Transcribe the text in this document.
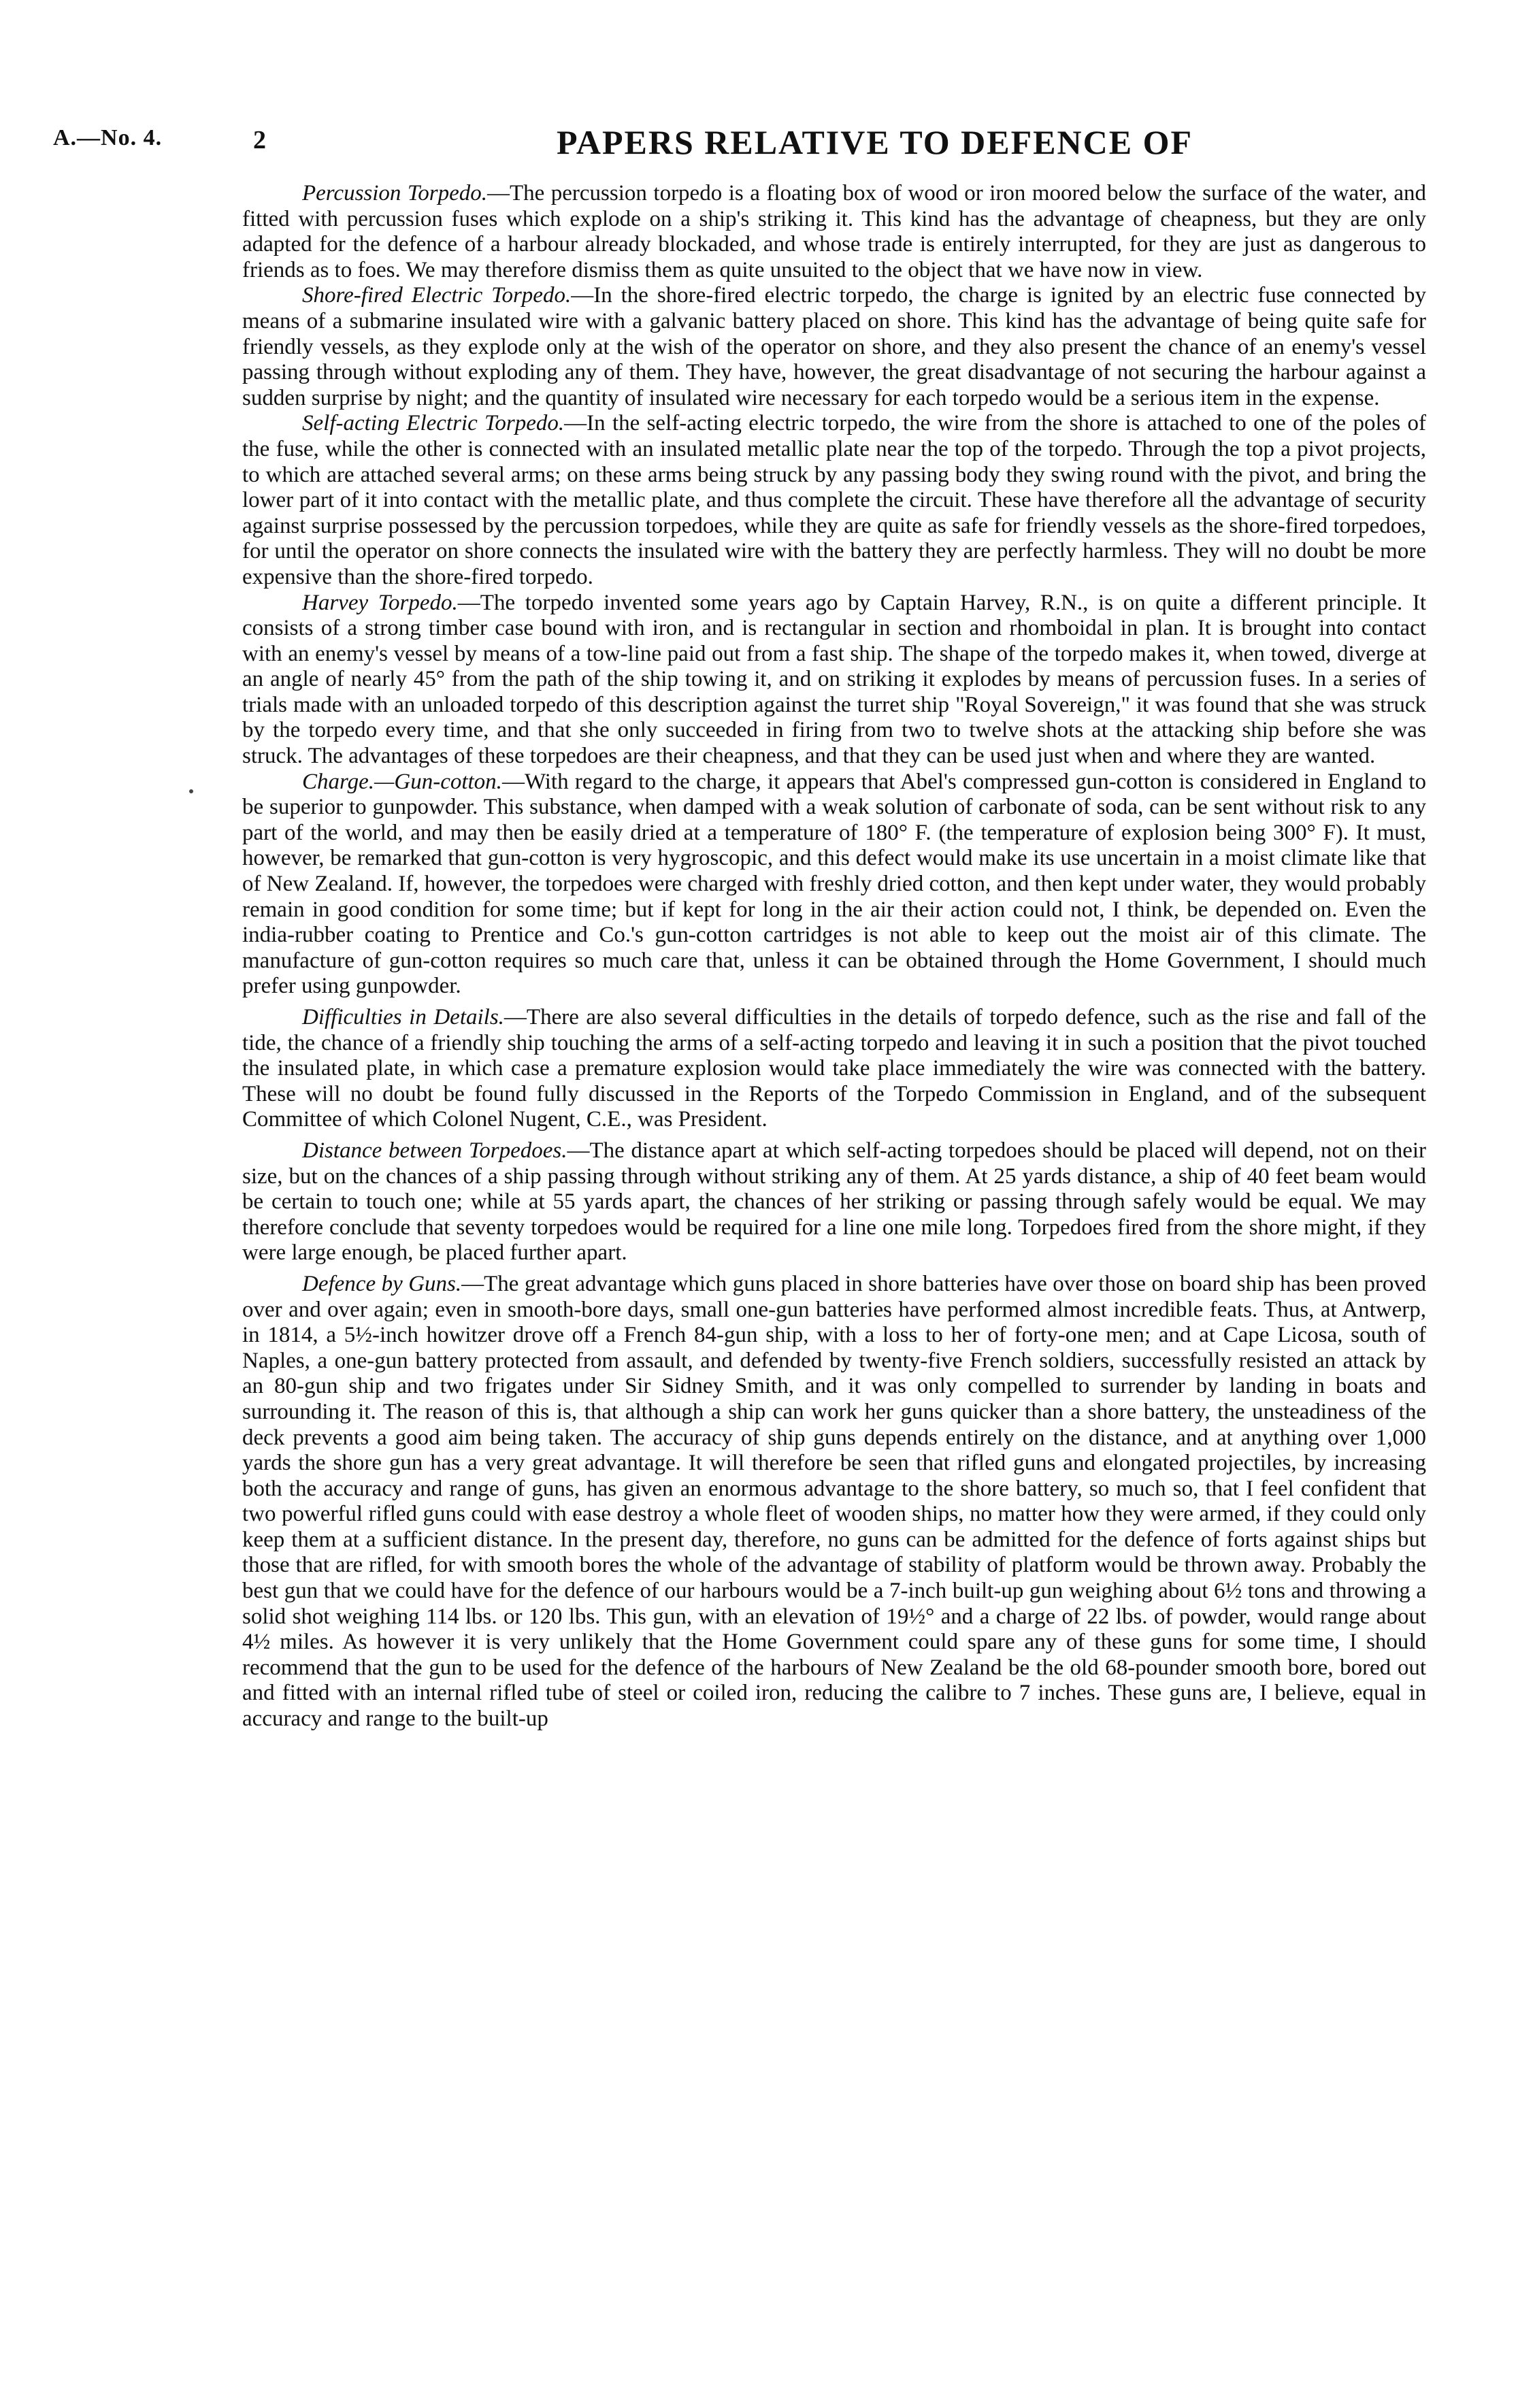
A.—No. 4.	2	PAPERS RELATIVE TO DEFENCE OF

Percussion Torpedo.—The percussion torpedo is a floating box of wood or iron moored below the surface of the water, and fitted with percussion fuses which explode on a ship's striking it. This kind has the advantage of cheapness, but they are only adapted for the defence of a harbour already blockaded, and whose trade is entirely interrupted, for they are just as dangerous to friends as to foes. We may therefore dismiss them as quite unsuited to the object that we have now in view.

Shore-fired Electric Torpedo.—In the shore-fired electric torpedo, the charge is ignited by an electric fuse connected by means of a submarine insulated wire with a galvanic battery placed on shore. This kind has the advantage of being quite safe for friendly vessels, as they explode only at the wish of the operator on shore, and they also present the chance of an enemy's vessel passing through without exploding any of them. They have, however, the great disadvantage of not securing the harbour against a sudden surprise by night; and the quantity of insulated wire necessary for each torpedo would be a serious item in the expense.

Self-acting Electric Torpedo.—In the self-acting electric torpedo, the wire from the shore is attached to one of the poles of the fuse, while the other is connected with an insulated metallic plate near the top of the torpedo. Through the top a pivot projects, to which are attached several arms; on these arms being struck by any passing body they swing round with the pivot, and bring the lower part of it into contact with the metallic plate, and thus complete the circuit. These have therefore all the advantage of security against surprise possessed by the percussion torpedoes, while they are quite as safe for friendly vessels as the shore-fired torpedoes, for until the operator on shore connects the insulated wire with the battery they are perfectly harmless. They will no doubt be more expensive than the shore-fired torpedo.

Harvey Torpedo.—The torpedo invented some years ago by Captain Harvey, R.N., is on quite a different principle. It consists of a strong timber case bound with iron, and is rectangular in section and rhomboidal in plan. It is brought into contact with an enemy's vessel by means of a tow-line paid out from a fast ship. The shape of the torpedo makes it, when towed, diverge at an angle of nearly 45° from the path of the ship towing it, and on striking it explodes by means of percussion fuses. In a series of trials made with an unloaded torpedo of this description against the turret ship "Royal Sovereign," it was found that she was struck by the torpedo every time, and that she only succeeded in firing from two to twelve shots at the attacking ship before she was struck. The advantages of these torpedoes are their cheapness, and that they can be used just when and where they are wanted.

Charge.—Gun-cotton.—With regard to the charge, it appears that Abel's compressed gun-cotton is considered in England to be superior to gunpowder. This substance, when damped with a weak solution of carbonate of soda, can be sent without risk to any part of the world, and may then be easily dried at a temperature of 180° F. (the temperature of explosion being 300° F). It must, however, be remarked that gun-cotton is very hygroscopic, and this defect would make its use uncertain in a moist climate like that of New Zealand. If, however, the torpedoes were charged with freshly dried cotton, and then kept under water, they would probably remain in good condition for some time; but if kept for long in the air their action could not, I think, be depended on. Even the india-rubber coating to Prentice and Co.'s gun-cotton cartridges is not able to keep out the moist air of this climate. The manufacture of gun-cotton requires so much care that, unless it can be obtained through the Home Government, I should much prefer using gunpowder.

Difficulties in Details.—There are also several difficulties in the details of torpedo defence, such as the rise and fall of the tide, the chance of a friendly ship touching the arms of a self-acting torpedo and leaving it in such a position that the pivot touched the insulated plate, in which case a premature explosion would take place immediately the wire was connected with the battery. These will no doubt be found fully discussed in the Reports of the Torpedo Commission in England, and of the subsequent Committee of which Colonel Nugent, C.E., was President.

Distance between Torpedoes.—The distance apart at which self-acting torpedoes should be placed will depend, not on their size, but on the chances of a ship passing through without striking any of them. At 25 yards distance, a ship of 40 feet beam would be certain to touch one; while at 55 yards apart, the chances of her striking or passing through safely would be equal. We may therefore conclude that seventy torpedoes would be required for a line one mile long. Torpedoes fired from the shore might, if they were large enough, be placed further apart.

Defence by Guns.—The great advantage which guns placed in shore batteries have over those on board ship has been proved over and over again; even in smooth-bore days, small one-gun batteries have performed almost incredible feats. Thus, at Antwerp, in 1814, a 5½-inch howitzer drove off a French 84-gun ship, with a loss to her of forty-one men; and at Cape Licosa, south of Naples, a one-gun battery protected from assault, and defended by twenty-five French soldiers, successfully resisted an attack by an 80-gun ship and two frigates under Sir Sidney Smith, and it was only compelled to surrender by landing in boats and surrounding it. The reason of this is, that although a ship can work her guns quicker than a shore battery, the unsteadiness of the deck prevents a good aim being taken. The accuracy of ship guns depends entirely on the distance, and at anything over 1,000 yards the shore gun has a very great advantage. It will therefore be seen that rifled guns and elongated projectiles, by increasing both the accuracy and range of guns, has given an enormous advantage to the shore battery, so much so, that I feel confident that two powerful rifled guns could with ease destroy a whole fleet of wooden ships, no matter how they were armed, if they could only keep them at a sufficient distance. In the present day, therefore, no guns can be admitted for the defence of forts against ships but those that are rifled, for with smooth bores the whole of the advantage of stability of platform would be thrown away. Probably the best gun that we could have for the defence of our harbours would be a 7-inch built-up gun weighing about 6½ tons and throwing a solid shot weighing 114 lbs. or 120 lbs. This gun, with an elevation of 19½° and a charge of 22 lbs. of powder, would range about 4½ miles. As however it is very unlikely that the Home Government could spare any of these guns for some time, I should recommend that the gun to be used for the defence of the harbours of New Zealand be the old 68-pounder smooth bore, bored out and fitted with an internal rifled tube of steel or coiled iron, reducing the calibre to 7 inches. These guns are, I believe, equal in accuracy and range to the built-up
